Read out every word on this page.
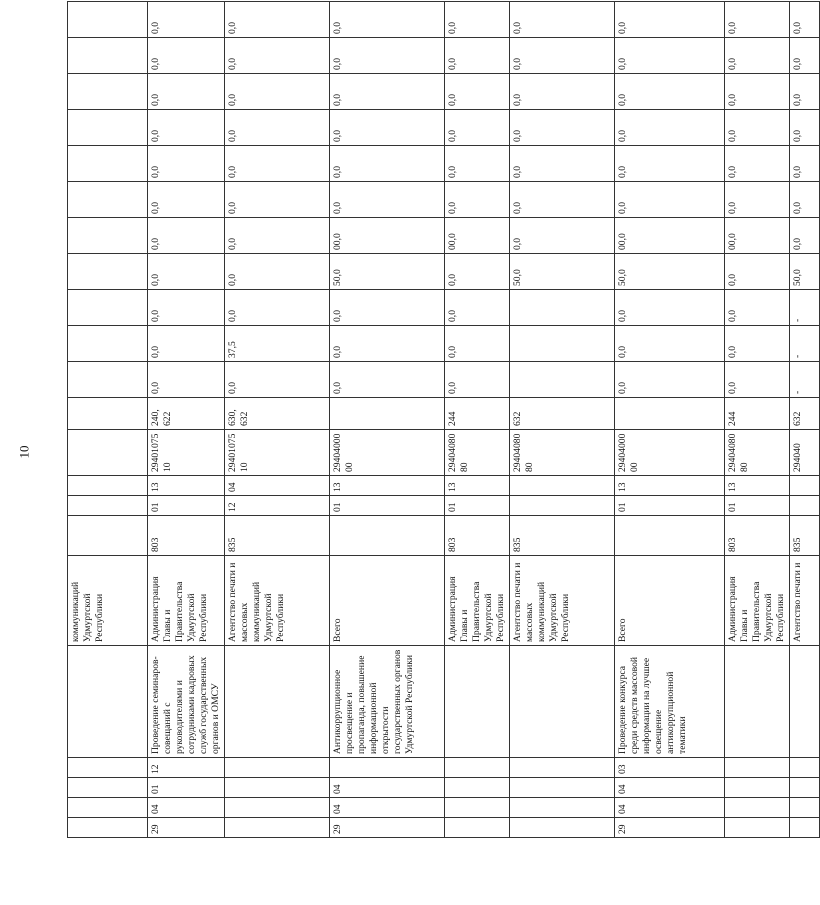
10
					коммуникаций Удмуртской Республики																
29	04	01	12	Проведение семинаров-совещаний с руководителями и сотрудниками кадровых служб государственных органов и ОМСУ	Администрация Главы и Правительства Удмуртской Республики	803	01	13	2940107510	240, 622	0,0	0,0	0,0	0,0	0,0	0,0	0,0	0,0	0,0	0,0	0,0
					Агентство печати и массовых коммуникаций Удмуртской Республики	835	12	04	2940107510	630, 632	0,0	37,5	0,0	0,0	0,0	0,0	0,0	0,0	0,0	0,0	0,0
29	04	04		Антикоррупционное просвещение и пропаганда, повышение информационной открытости государственных органов Удмуртской Республики	Всего		01	13	2940400000		0,0	0,0	0,0	50,0	00,0	0,0	0,0	0,0	0,0	0,0	0,0
					Администрация Главы и Правительства Удмуртской Республики	803	01	13	2940408080	244	0,0	0,0	0,0	0,0	00,0	0,0	0,0	0,0	0,0	0,0	0,0
					Агентство печати и массовых коммуникаций Удмуртской Республики	835			2940408080	632				50,0	0,0	0,0	0,0	0,0	0,0	0,0	0,0
29	04	04	03	Проведение конкурса среди средств массовой информации на лучшее освещение антикоррупционной тематики	Всего		01	13	2940400000		0,0	0,0	0,0	50,0	00,0	0,0	0,0	0,0	0,0	0,0	0,0
					Администрация Главы и Правительства Удмуртской Республики	803	01	13	2940408080	244	0,0	0,0	0,0	0,0	00,0	0,0	0,0	0,0	0,0	0,0	0,0
					Агентство печати и	835			294040	632	-	-	-	50,0	0,0	0,0	0,0	0,0	0,0	0,0	0,0
